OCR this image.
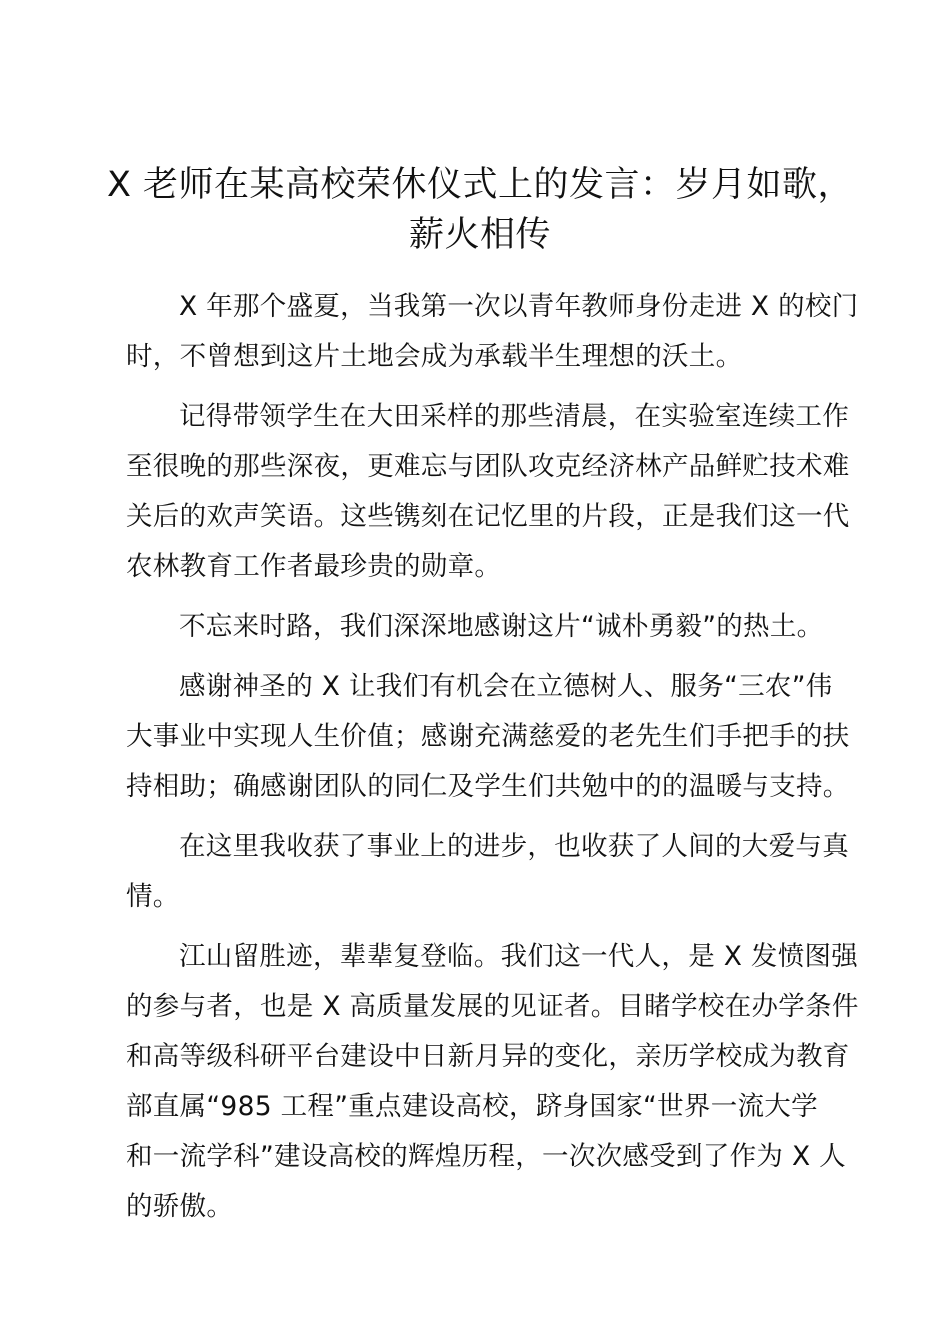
X 老师在某高校荣休仪式上的发言：岁月如歌，
薪火相传

X 年那个盛夏，当我第一次以青年教师身份走进 X 的校门
时，不曾想到这片土地会成为承载半生理想的沃土。

记得带领学生在大田采样的那些清晨，在实验室连续工作
至很晚的那些深夜，更难忘与团队攻克经济林产品鲜贮技术难
关后的欢声笑语。这些镌刻在记忆里的片段，正是我们这一代
农林教育工作者最珍贵的勋章。

不忘来时路，我们深深地感谢这片“诚朴勇毅”的热土。

感谢神圣的 X 让我们有机会在立德树人、服务“三农”伟
大事业中实现人生价值；感谢充满慈爱的老先生们手把手的扶
持相助；确感谢团队的同仁及学生们共勉中的的温暖与支持。

在这里我收获了事业上的进步，也收获了人间的大爱与真
情。

江山留胜迹，辈辈复登临。我们这一代人，是 X 发愤图强
的参与者，也是 X 高质量发展的见证者。目睹学校在办学条件
和高等级科研平台建设中日新月异的变化，亲历学校成为教育
部直属“985 工程”重点建设高校，跻身国家“世界一流大学
和一流学科”建设高校的辉煌历程，一次次感受到了作为 X 人
的骄傲。
